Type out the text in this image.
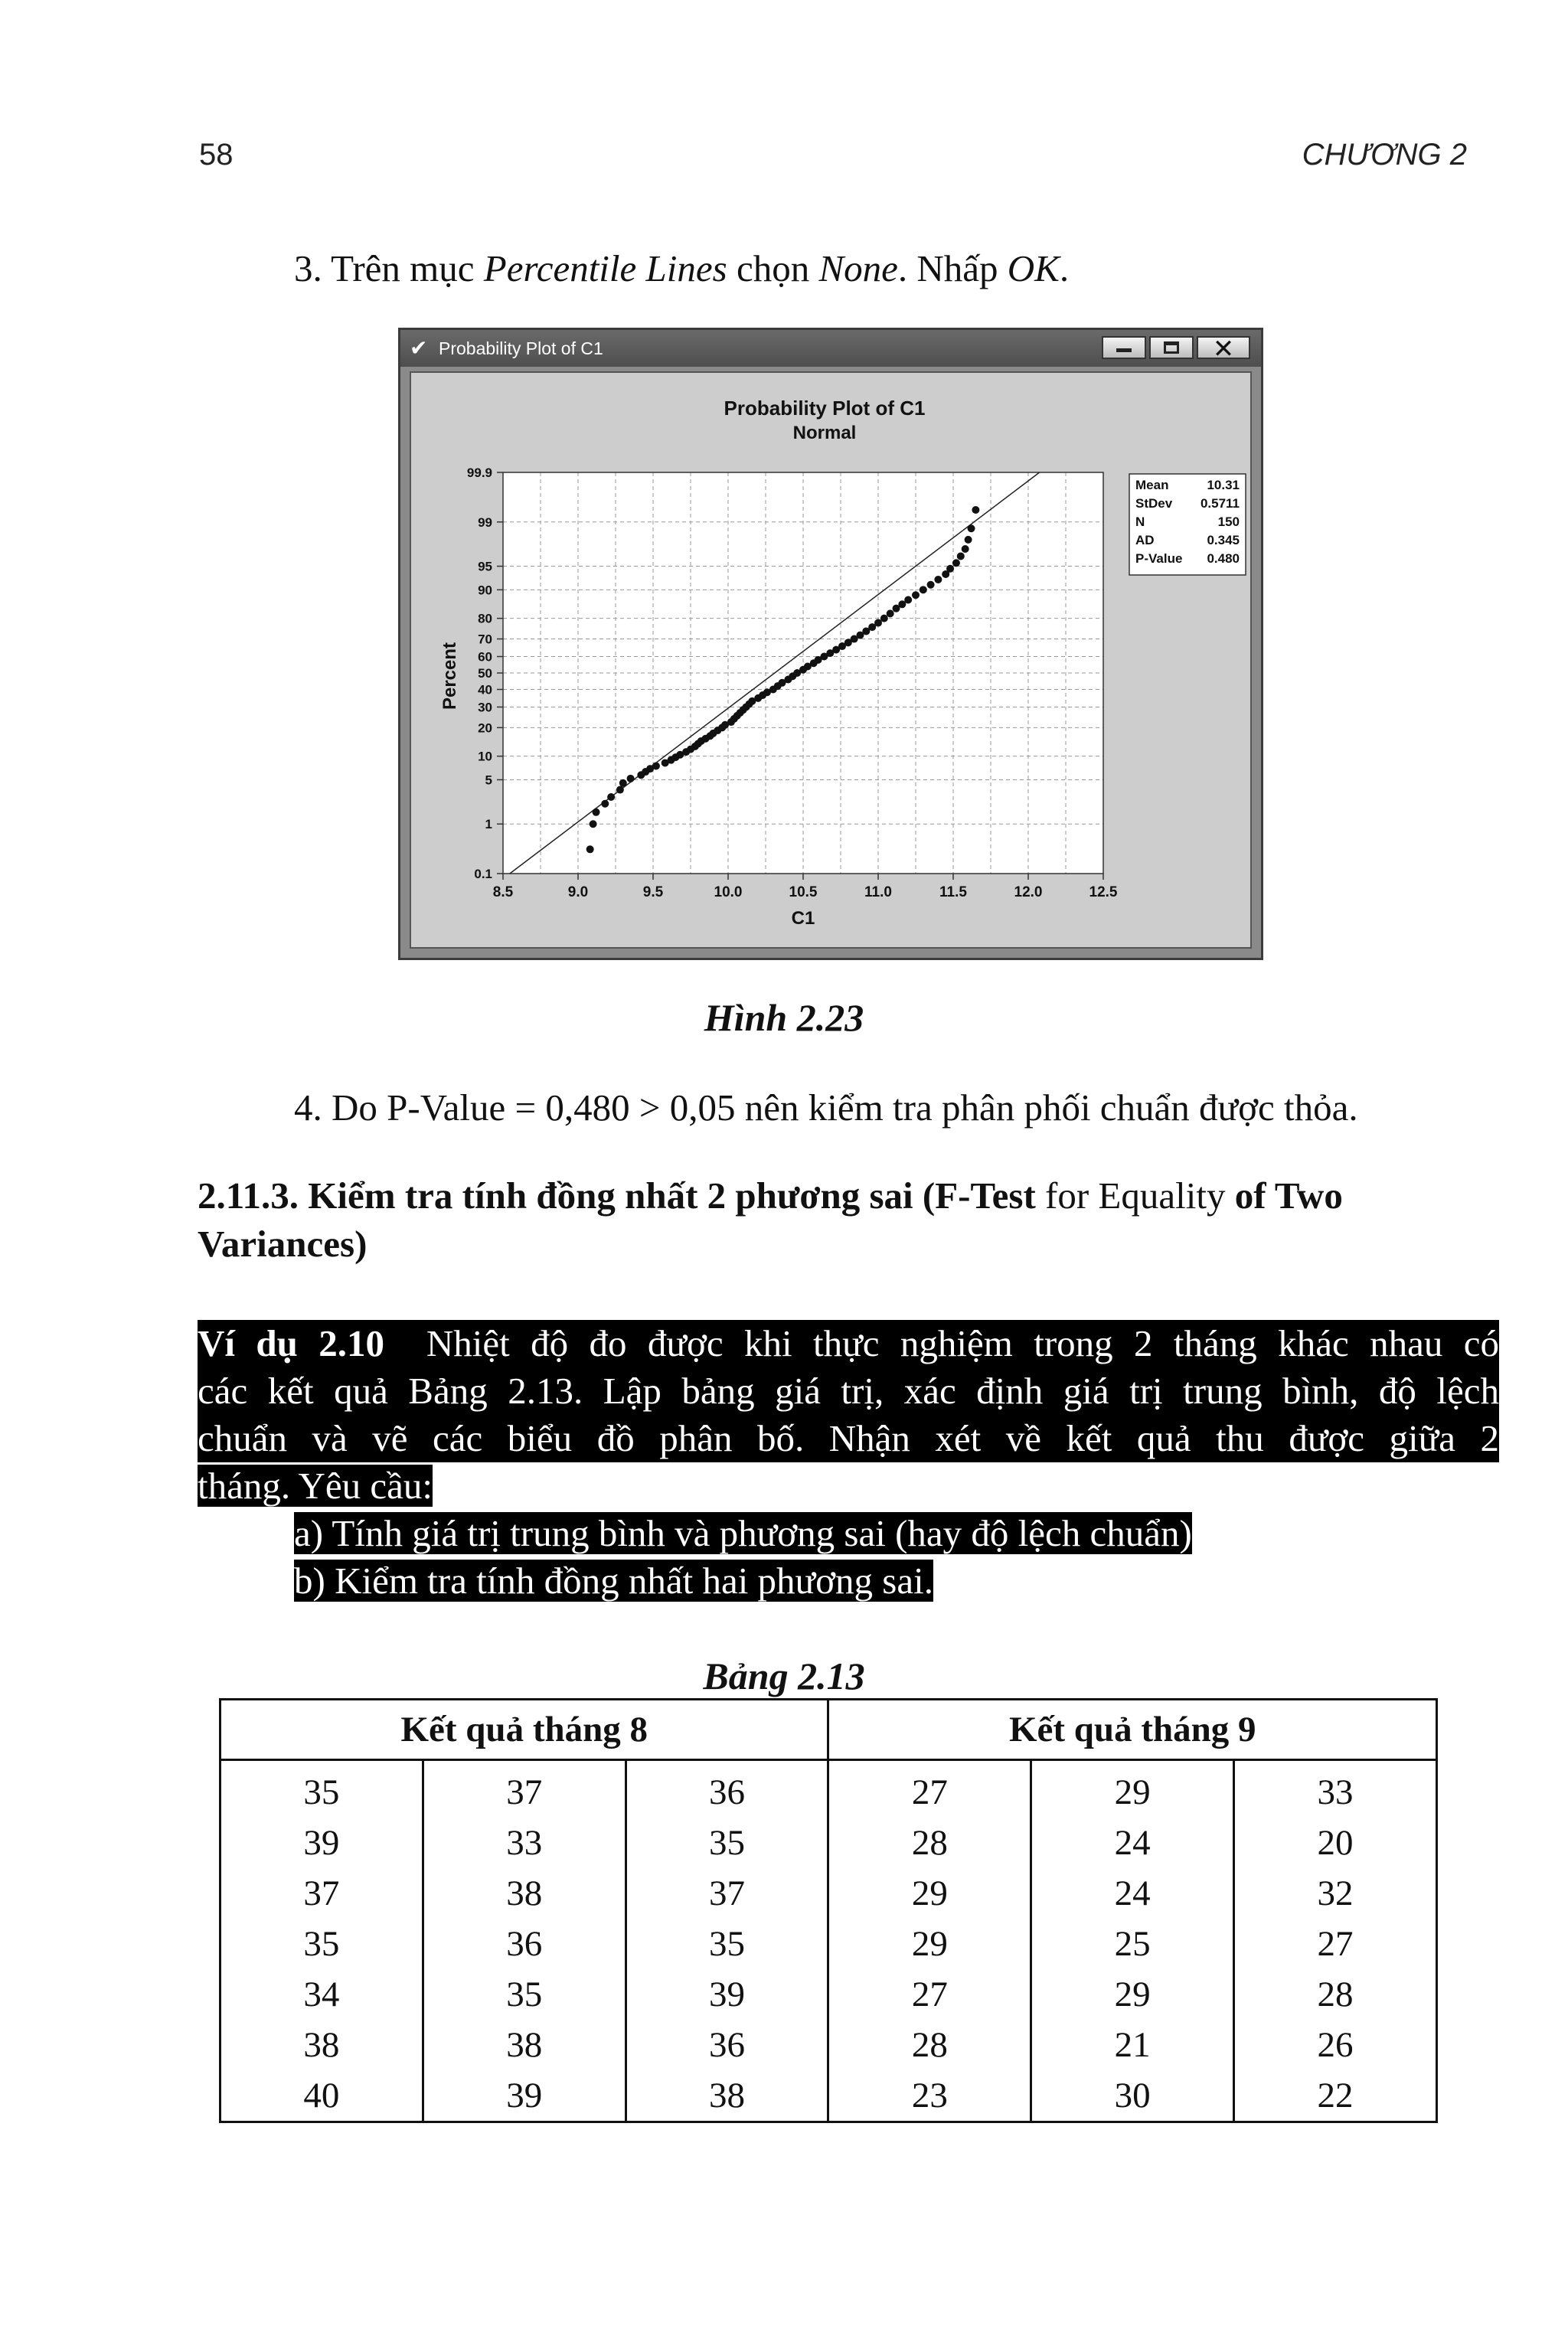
58	CHƯƠNG 2
3. Trên mục Percentile Lines chọn None. Nhấp OK.
✔ Probability Plot of C1	✕
Probability Plot of C1
Normal
8.5	9.0	9.5	10.0	10.5	11.0	11.5	12.0	12.5
0.1
1
5
10
20
30
40
50
60
70
80
90
95
99
99.9
C1
Percent
Mean	10.31
StDev 0.5711
N	150
AD	0.345
P-Value 0.480
Hình 2.23
4. Do P-Value = 0,480 > 0,05 nên kiểm tra phân phối chuẩn được thỏa.
2.11.3. Kiểm tra tính đồng nhất 2 phương sai (F-Test for Equality of Two
Variances)
Ví dụ 2.10 Nhiệt độ đo được khi thực nghiệm trong 2 tháng khác nhau có
các kết quả Bảng 2.13. Lập bảng giá trị, xác định giá trị trung bình, độ lệch
chuẩn và vẽ các biểu đồ phân bố. Nhận xét về kết quả thu được giữa 2
tháng. Yêu cầu:
a) Tính giá trị trung bình và phương sai (hay độ lệch chuẩn)
b) Kiểm tra tính đồng nhất hai phương sai.
Bảng 2.13
Kết quả tháng 8			Kết quả tháng 9		
35	37	36	27	29	33
39	33	35	28	24	20
37	38	37	29	24	32
35	36	35	29	25	27
34	35	39	27	29	28
38	38	36	28	21	26
40	39	38	23	30	22
